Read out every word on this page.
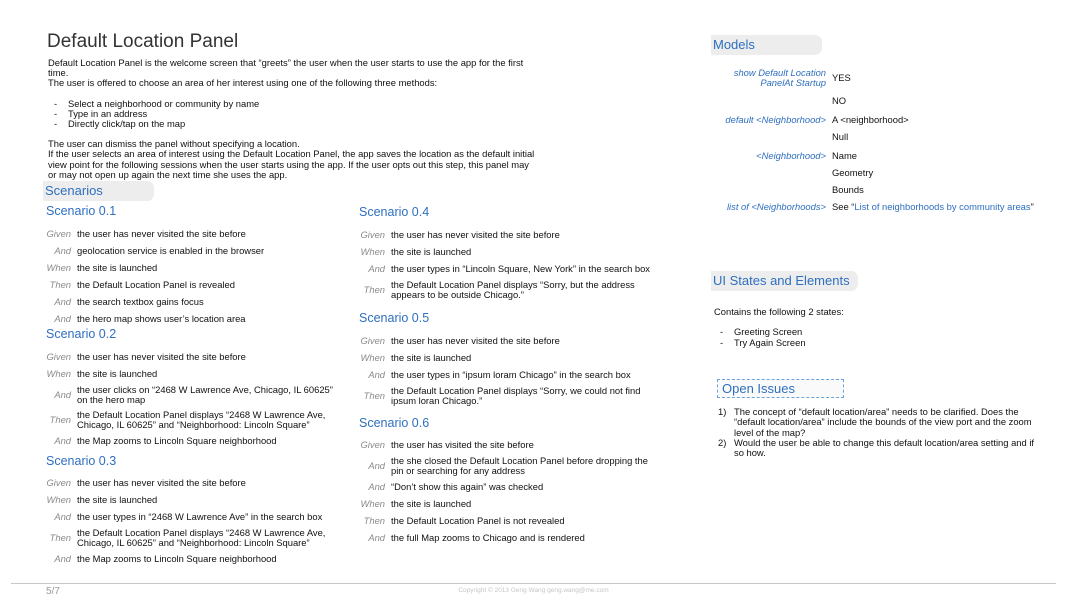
Default Location Panel

Default Location Panel is the welcome screen that “greets” the user when the user starts to use the app for the first time.

The user is offered to choose an area of her interest using one of the following three methods:

- Select a neighborhood or community by name
- Type in an address
- Directly click/tap on the map

The user can dismiss the panel without specifying a location.

If the user selects an area of interest using the Default Location Panel, the app saves the location as the default initial view point for the following sessions when the user starts using the app. If the user opts out this step, this panel may or may not open up again the next time she uses the app.

Scenarios
Scenario 0.1
Given the user has never visited the site before
And geolocation service is enabled in the browser
When the site is launched
Then the Default Location Panel is revealed
And the search textbox gains focus
And the hero map shows user’s location area
Scenario 0.2
Given the user has never visited the site before
When the site is launched
And the user clicks on “2468 W Lawrence Ave, Chicago, IL 60625” on the hero map
Then the Default Location Panel displays “2468 W Lawrence Ave, Chicago, IL 60625” and “Neighborhood: Lincoln Square”
And the Map zooms to Lincoln Square neighborhood
Scenario 0.3
Given the user has never visited the site before
When the site is launched
And the user types in “2468 W Lawrence Ave” in the search box
Then the Default Location Panel displays “2468 W Lawrence Ave, Chicago, IL 60625” and “Neighborhood: Lincoln Square”
And the Map zooms to Lincoln Square neighborhood
Scenario 0.4
Given the user has never visited the site before
When the site is launched
And the user types in “Lincoln Square, New York” in the search box
Then the Default Location Panel displays “Sorry, but the address appears to be outside Chicago.”
Scenario 0.5
Given the user has never visited the site before
When the site is launched
And the user types in “ipsum loram Chicago” in the search box
Then the Default Location Panel displays “Sorry, we could not find ipsum loran Chicago.”
Scenario 0.6
Given the user has visited the site before
And the she closed the Default Location Panel before dropping the pin or searching for any address
And “Don’t show this again” was checked
When the site is launched
Then the Default Location Panel is not revealed
And the full Map zooms to Chicago and is rendered
Models
show Default Location PanelAt Startup YES
NO
default <Neighborhood> A <neighborhood>
Null
<Neighborhood> Name
Geometry
Bounds
list of <Neighborhoods> See “List of neighborhoods by community areas”
UI States and Elements
Contains the following 2 states:
- Greeting Screen
- Try Again Screen
Open Issues
1) The concept of “default location/area” needs to be clarified. Does the “default location/area” include the bounds of the view port and the zoom level of the map?
2) Would the user be able to change this default location/area setting and if so how.
5/7	Copyright © 2013 Geng Wang geng.wang@me.com
